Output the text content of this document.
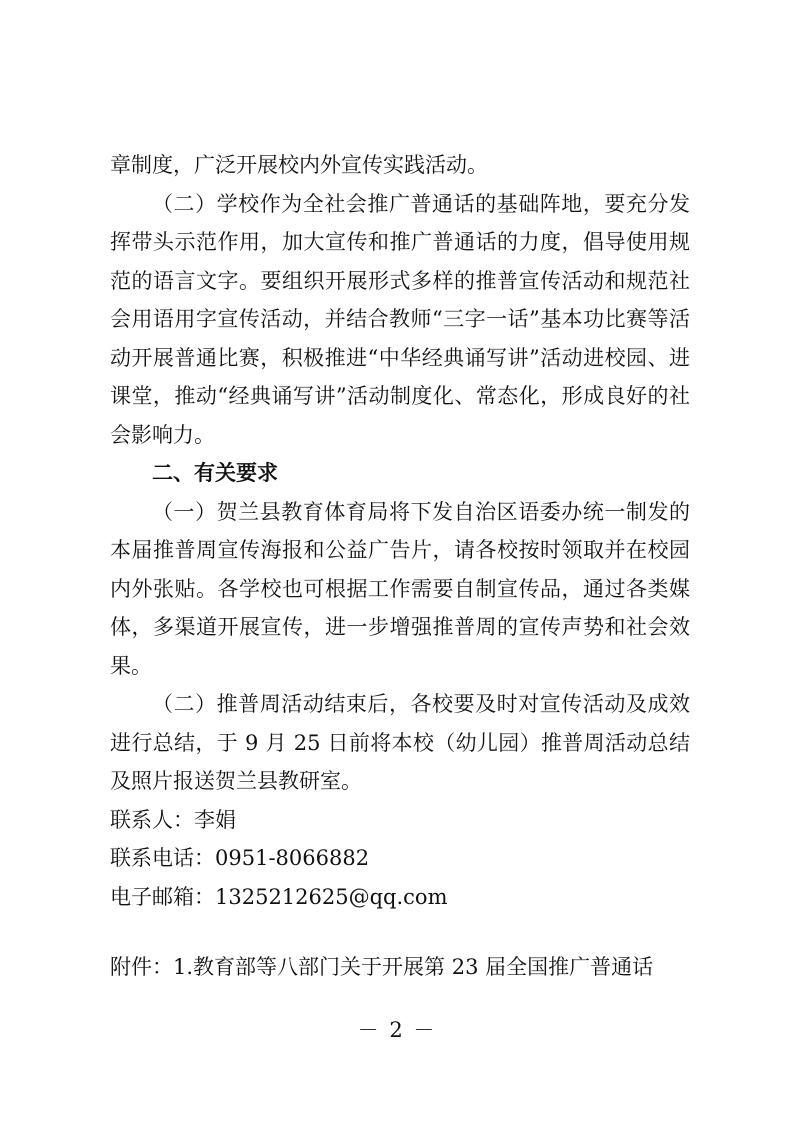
章制度，广泛开展校内外宣传实践活动。

（二）学校作为全社会推广普通话的基础阵地，要充分发挥带头示范作用，加大宣传和推广普通话的力度，倡导使用规范的语言文字。要组织开展形式多样的推普宣传活动和规范社会用语用字宣传活动，并结合教师“三字一话”基本功比赛等活动开展普通比赛，积极推进“中华经典诵写讲”活动进校园、进课堂，推动“经典诵写讲”活动制度化、常态化，形成良好的社会影响力。

二、有关要求

（一）贺兰县教育体育局将下发自治区语委办统一制发的本届推普周宣传海报和公益广告片，请各校按时领取并在校园内外张贴。各学校也可根据工作需要自制宣传品，通过各类媒体，多渠道开展宣传，进一步增强推普周的宣传声势和社会效果。

（二）推普周活动结束后，各校要及时对宣传活动及成效进行总结，于 9 月 25 日前将本校（幼儿园）推普周活动总结及照片报送贺兰县教研室。

联系人：李娟

联系电话：0951-8066882

电子邮箱：1325212625@qq.com

附件：1.教育部等八部门关于开展第 23 届全国推广普通话

－ 2 －
